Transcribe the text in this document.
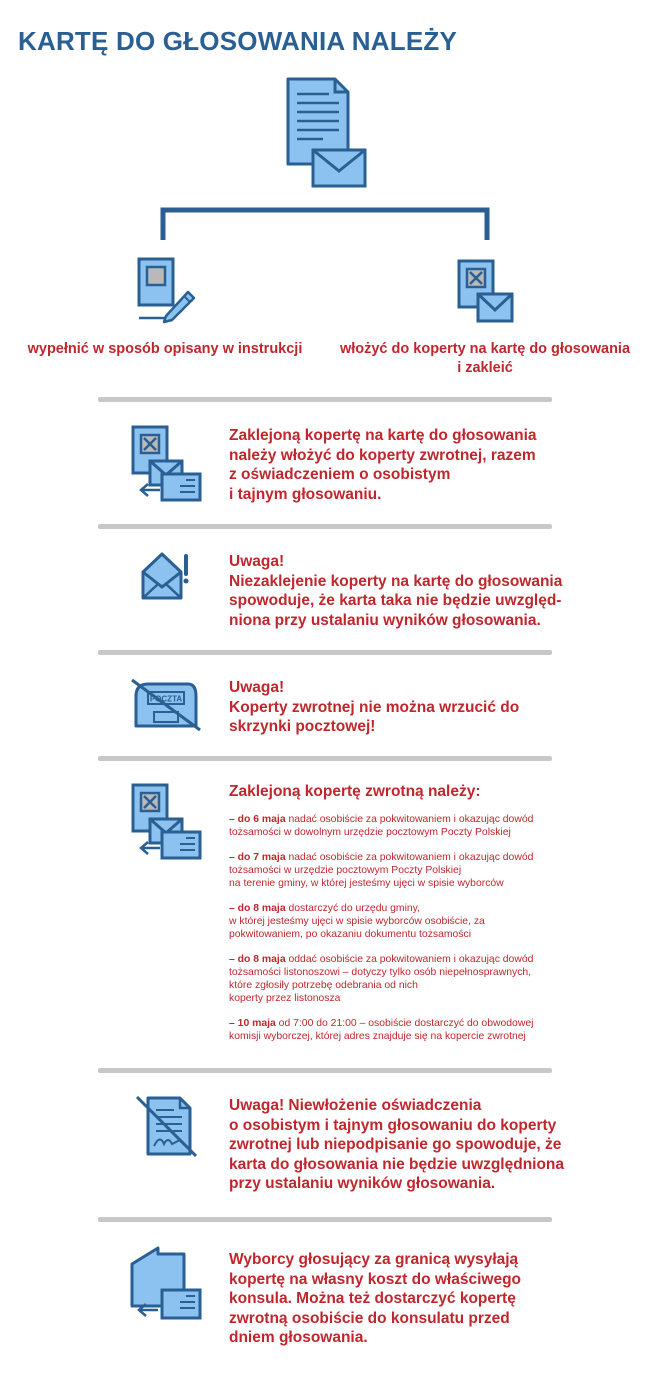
KARTĘ DO GŁOSOWANIA NALEŻY
wypełnić w sposób opisany w instrukcji	włożyć do koperty na kartę do głosowania
i zakleić

Zaklejoną kopertę na kartę do głosowania

należy włożyć do koperty zwrotnej, razem

z oświadczeniem o osobistym

i tajnym głosowaniu.

Uwaga!

Niezaklejenie koperty na kartę do głosowania

spowoduje, że karta taka nie będzie uwzględ-

niona przy ustalaniu wyników głosowania.

POCZTA

Uwaga!

Koperty zwrotnej nie można wrzucić do

skrzynki pocztowej!

Zaklejoną kopertę zwrotną należy:
– do 6 maja nadać osobiście za pokwitowaniem i okazując dowód
tożsamości w dowolnym urzędzie pocztowym Poczty Polskiej
– do 7 maja nadać osobiście za pokwitowaniem i okazując dowód
tożsamości w urzędzie pocztowym Poczty Polskiej
na terenie gminy, w której jesteśmy ujęci w spisie wyborców
– do 8 maja dostarczyć do urzędu gminy,
w której jesteśmy ujęci w spisie wyborców osobiście, za
pokwitowaniem, po okazaniu dokumentu tożsamości
– do 8 maja oddać osobiście za pokwitowaniem i okazując dowód
tożsamości listonoszowi – dotyczy tylko osób niepełnosprawnych,
które zgłosiły potrzebę odebrania od nich
koperty przez listonosza
– 10 maja od 7:00 do 21:00 – osobiście dostarczyć do obwodowej
komisji wyborczej, której adres znajduje się na kopercie zwrotnej

Uwaga! Niewłożenie oświadczenia

o osobistym i tajnym głosowaniu do koperty

zwrotnej lub niepodpisanie go spowoduje, że

karta do głosowania nie będzie uwzględniona

przy ustalaniu wyników głosowania.

Wyborcy głosujący za granicą wysyłają

kopertę na własny koszt do właściwego

konsula. Można też dostarczyć kopertę

zwrotną osobiście do konsulatu przed

dniem głosowania.
